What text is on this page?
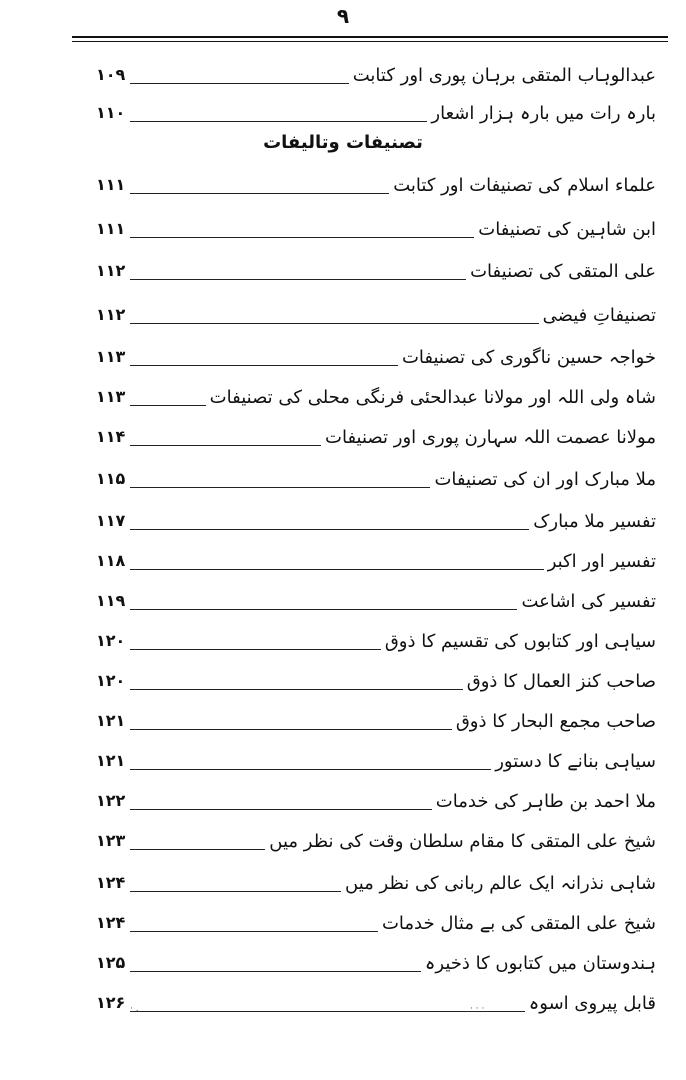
۹
تصنیفات وتالیفات
عبدالوہاب المتقی برہان پوری اور کتابت
۱۰۹
بارہ رات میں بارہ ہزار اشعار
۱۱۰
علماء اسلام کی تصنیفات اور کتابت
۱۱۱
ابن شاہین کی تصنیفات
۱۱۱
علی المتقی کی تصنیفات
۱۱۲
تصنیفاتِ فیضی
۱۱۲
خواجہ حسین ناگوری کی تصنیفات
۱۱۳
شاہ ولی اللہ اور مولانا عبدالحئی فرنگی محلی کی تصنیفات
۱۱۳
مولانا عصمت اللہ سہارن پوری اور تصنیفات
۱۱۴
ملا مبارک اور ان کی تصنیفات
۱۱۵
تفسیر ملا مبارک
۱۱۷
تفسیر اور اکبر
۱۱۸
تفسیر کی اشاعت
۱۱۹
سیاہی اور کتابوں کی تقسیم کا ذوق
۱۲۰
صاحب کنز العمال کا ذوق
۱۲۰
صاحب مجمع البحار کا ذوق
۱۲۱
سیاہی بنانے کا دستور
۱۲۱
ملا احمد بن طاہر کی خدمات
۱۲۲
شیخ علی المتقی کا مقام سلطان وقت کی نظر میں
۱۲۳
شاہی نذرانہ ایک عالم ربانی کی نظر میں
۱۲۴
شیخ علی المتقی کی بے مثال خدمات
۱۲۴
ہندوستان میں کتابوں کا ذخیرہ
۱۲۵
قابل پیروی اسوہ
۱۲۶ · .	· · ·
